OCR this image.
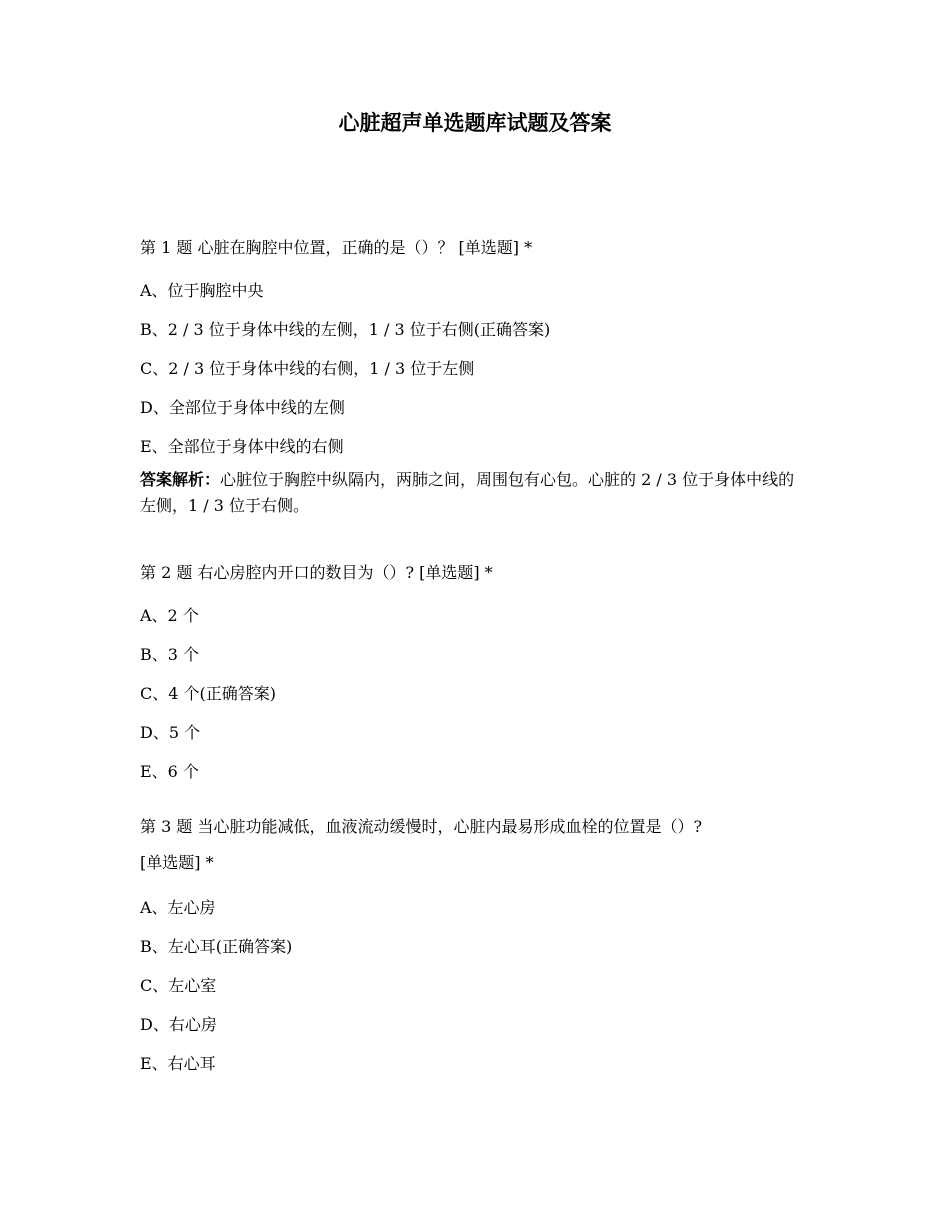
心脏超声单选题库试题及答案
第 1 题 心脏在胸腔中位置，正确的是（）？ [单选题] *
A、位于胸腔中央
B、2 / 3 位于身体中线的左侧，1 / 3 位于右侧(正确答案)
C、2 / 3 位于身体中线的右侧，1 / 3 位于左侧
D、全部位于身体中线的左侧
E、全部位于身体中线的右侧
答案解析：心脏位于胸腔中纵隔内，两肺之间，周围包有心包。心脏的 2 / 3 位于身体中线的左侧，1 / 3 位于右侧。
第 2 题 右心房腔内开口的数目为（）? [单选题] *
A、2 个
B、3 个
C、4 个(正确答案)
D、5 个
E、6 个
第 3 题 当心脏功能减低，血液流动缓慢时，心脏内最易形成血栓的位置是（）?
[单选题] *
A、左心房
B、左心耳(正确答案)
C、左心室
D、右心房
E、右心耳
